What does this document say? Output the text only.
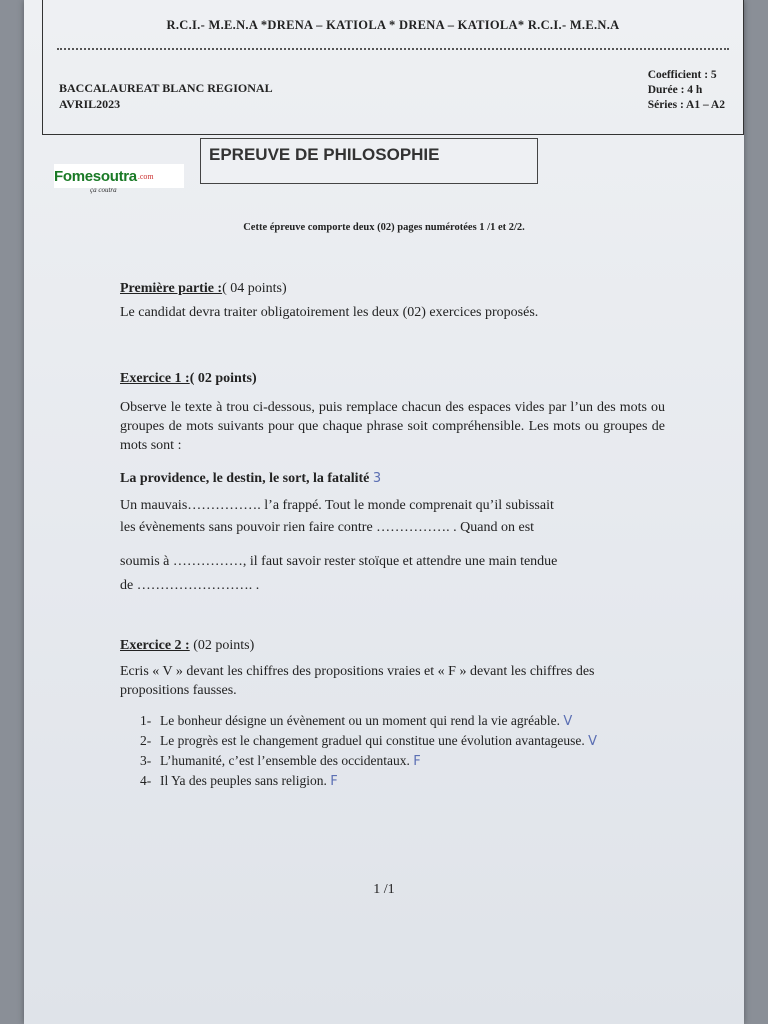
R.C.I.- M.E.N.A *DRENA – KATIOLA * DRENA – KATIOLA* R.C.I.- M.E.N.A
BACCALAUREAT BLANC REGIONAL
AVRIL2023
Coefficient : 5
Durée : 4 h
Séries : A1 – A2
Fomesoutra .com
ça coutra
EPREUVE DE PHILOSOPHIE
Cette épreuve comporte deux (02) pages numérotées 1 /1 et 2/2.
Première partie :( 04 points)
Le candidat devra traiter obligatoirement les deux (02) exercices proposés.
Exercice 1 :( 02 points)
Observe le texte à trou ci-dessous, puis remplace chacun des espaces vides par l’un des mots ou groupes de mots suivants pour que chaque phrase soit compréhensible. Les mots ou groupes de mots sont :
La providence, le destin, le sort, la fatalité 3
Un mauvais……………. l’a frappé. Tout le monde comprenait qu’il subissait
les évènements sans pouvoir rien faire contre ……………. . Quand on est
soumis à ……………, il faut savoir rester stoïque et attendre une main tendue
de ……………………. .
Exercice 2 : (02 points)
Ecris « V » devant les chiffres des propositions vraies et « F » devant les chiffres des propositions fausses.
1- Le bonheur désigne un évènement ou un moment qui rend la vie agréable. V
2- Le progrès est le changement graduel qui constitue une évolution avantageuse. V
3- L’humanité, c’est l’ensemble des occidentaux. F
4- Il Ya des peuples sans religion. F
1 /1
